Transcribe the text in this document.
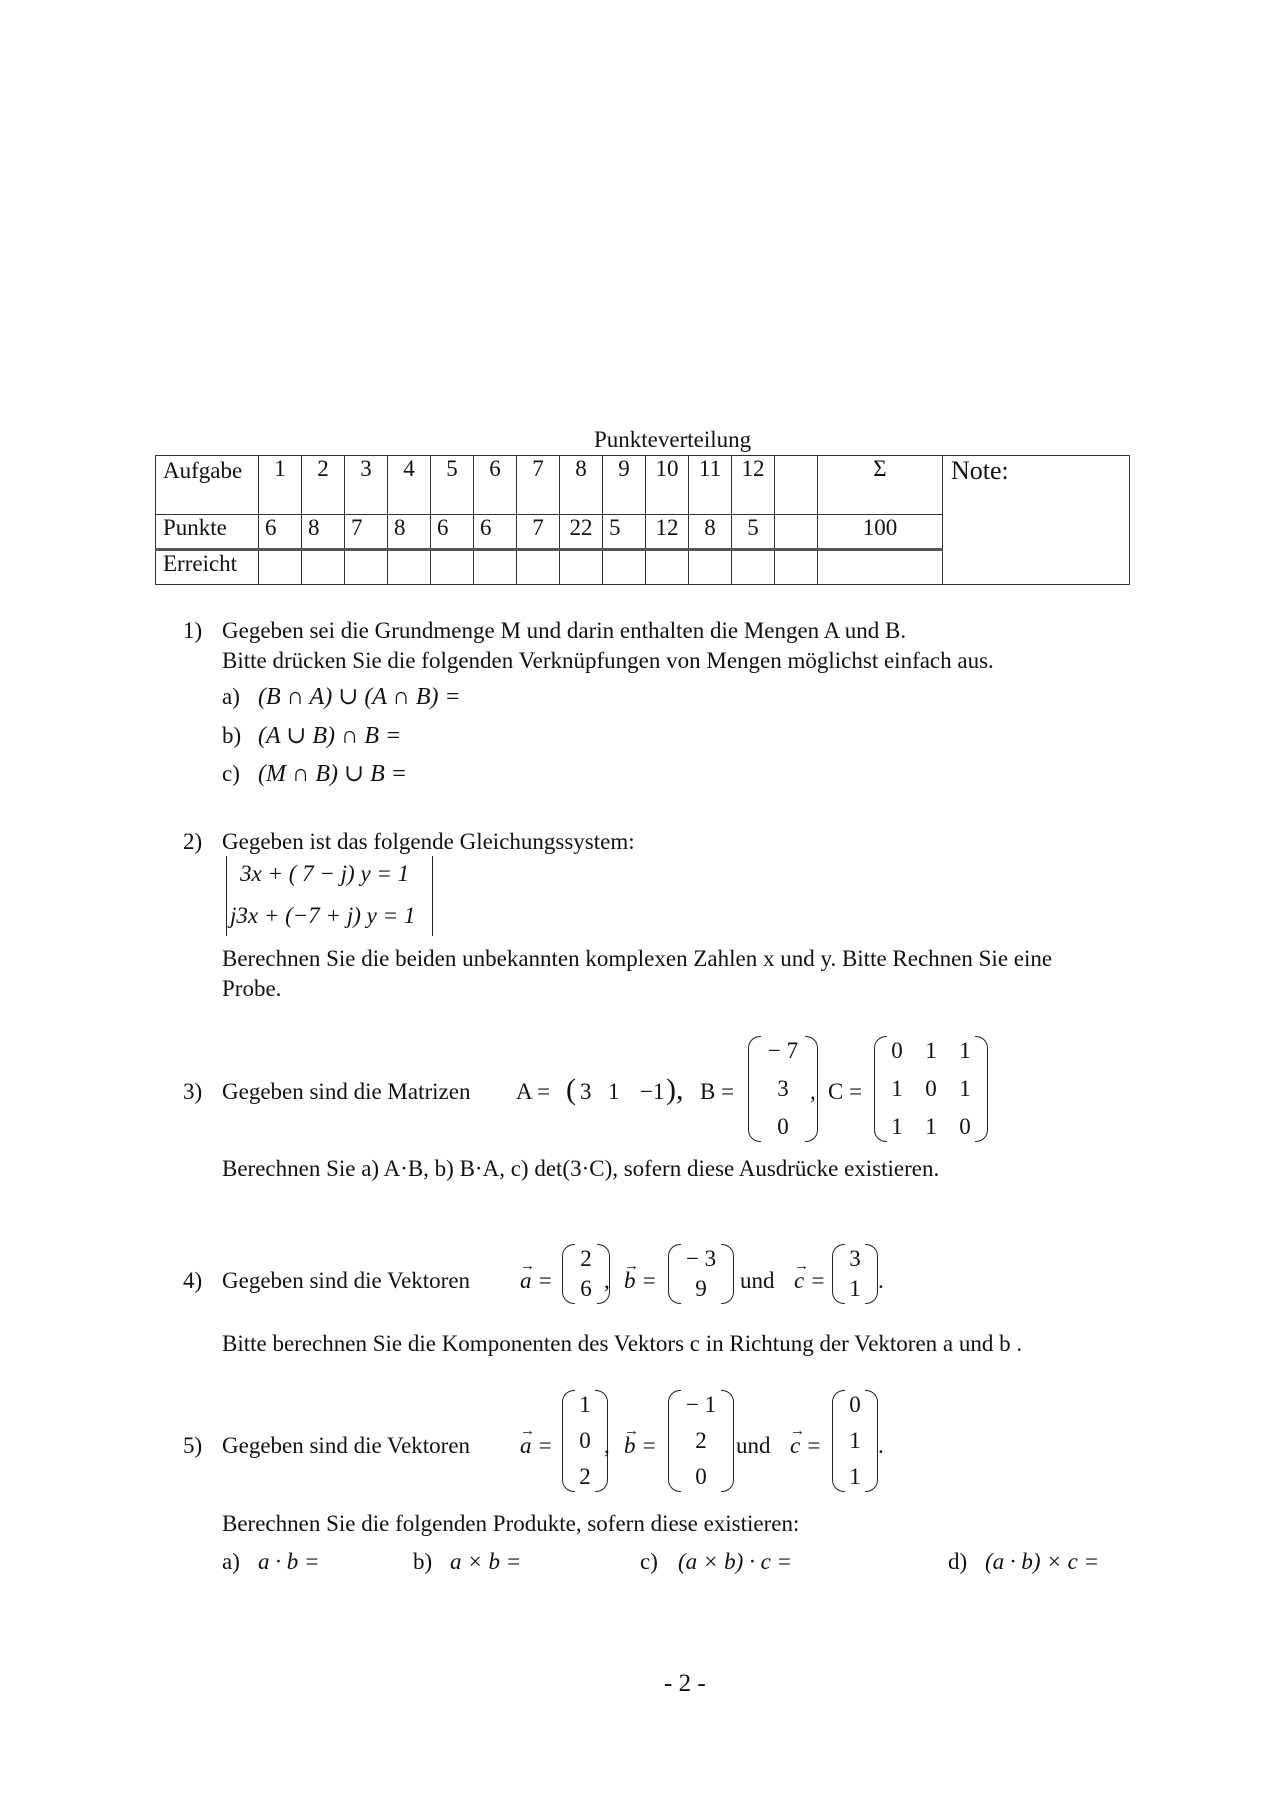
Punkteverteilung
Aufgabe	1	2	3	4	5	6	7	8	9	10	11	12		Σ	Note:
Punkte	6	8	7	8	6	6	7	22	5	12	8	5		100	
Erreicht															
1) Gegeben sei die Grundmenge M und darin enthalten die Mengen A und B.
Bitte drücken Sie die folgenden Verknüpfungen von Mengen möglichst einfach aus.
a) (B ∩ A) ∪ (A ∩ B) =
b) (A ∪ B) ∩ B =
c) (M ∩ B) ∪ B =
2) Gegeben ist das folgende Gleichungssystem:
3x + ( 7 − j) y = 1
j3x + (−7 + j) y = 1
Berechnen Sie die beiden unbekannten komplexen Zahlen x und y. Bitte Rechnen Sie eine
Probe.
3) Gegeben sind die Matrizen A = ( 3 1 −1 ), B =
− 7
3
0
, C =
0 1 1
1 0 1
1 1 0
Berechnen Sie a) A·B, b) B·A, c) det(3·C), sofern diese Ausdrücke existieren.
4) Gegeben sind die Vektoren → a =
2
6 , → b =
− 3
9	und → c =
3
1 .
Bitte berechnen Sie die Komponenten des Vektors c in Richtung der Vektoren a und b .
5) Gegeben sind die Vektoren → a =
1
0
2
, → b =
− 1
2
0
und → c =
0
1
1
.
Berechnen Sie die folgenden Produkte, sofern diese existieren:
a) a · b =	b) a × b =	c) (a × b) · c =	d) (a · b) × c =
- 2 -
